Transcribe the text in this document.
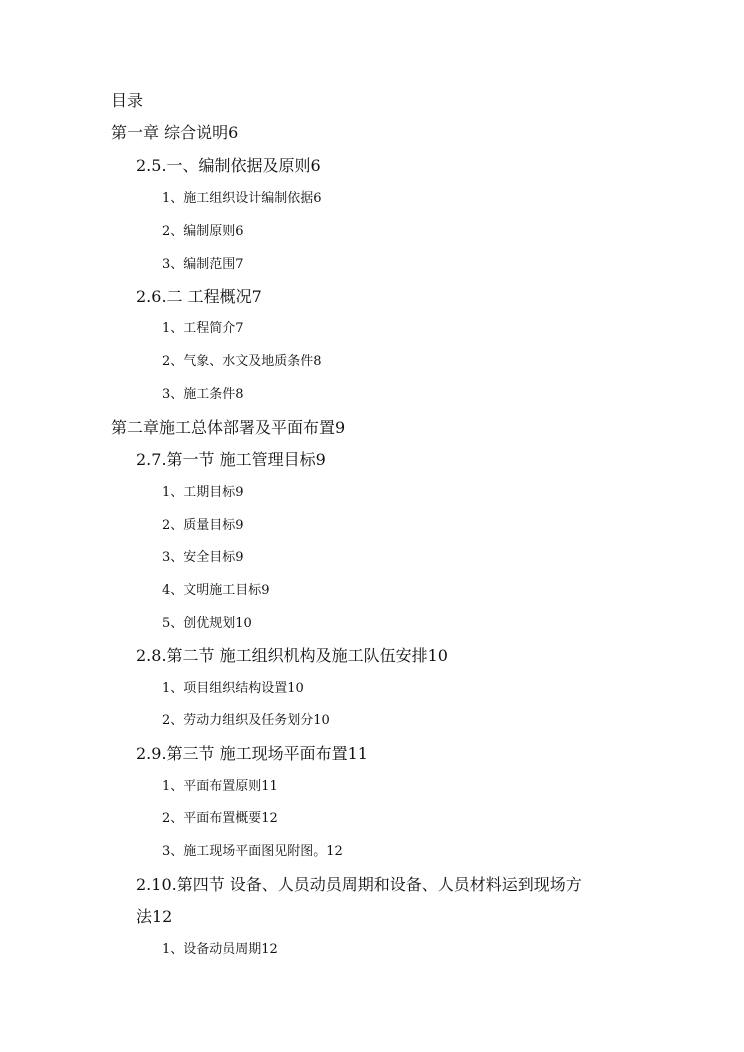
目录
第一章 综合说明6
2.5.一、编制依据及原则6
1、施工组织设计编制依据6
2、编制原则6
3、编制范围7
2.6.二 工程概况7
1、工程简介7
2、气象、水文及地质条件8
3、施工条件8
第二章施工总体部署及平面布置9
2.7.第一节 施工管理目标9
1、工期目标9
2、质量目标9
3、安全目标9
4、文明施工目标9
5、创优规划10
2.8.第二节 施工组织机构及施工队伍安排10
1、项目组织结构设置10
2、劳动力组织及任务划分10
2.9.第三节 施工现场平面布置11
1、平面布置原则11
2、平面布置概要12
3、施工现场平面图见附图。12
2.10.第四节 设备、人员动员周期和设备、人员材料运到现场方
法12
1、设备动员周期12
